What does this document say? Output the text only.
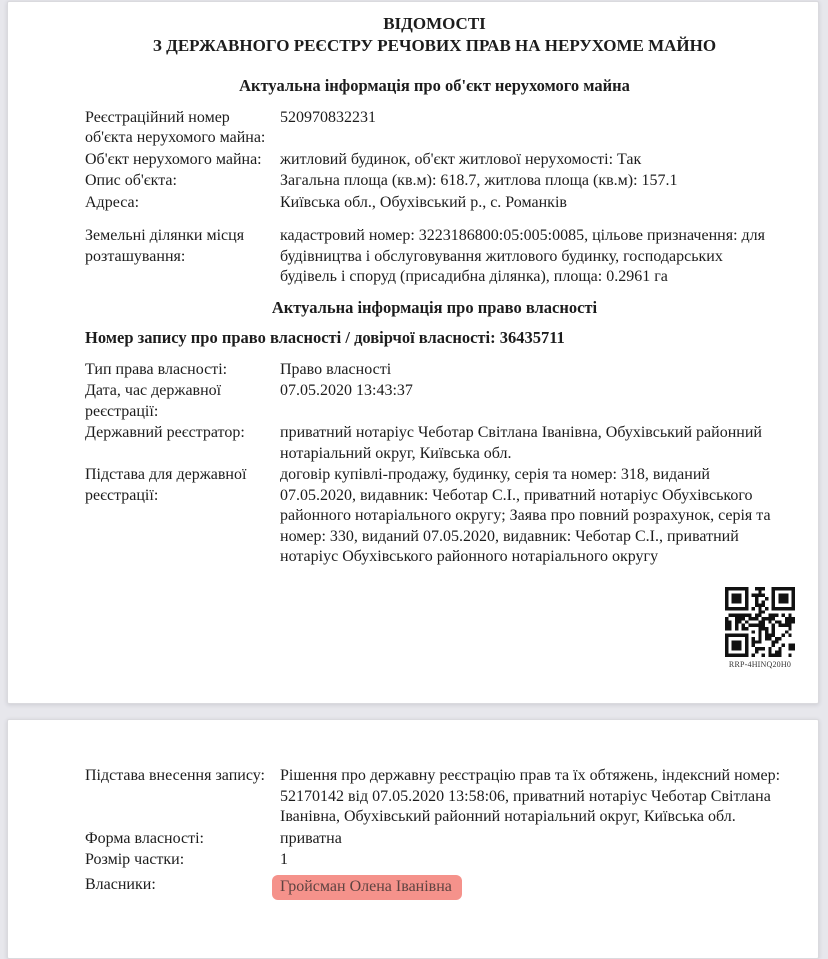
ВІДОМОСТІ
З ДЕРЖАВНОГО РЕЄСТРУ РЕЧОВИХ ПРАВ НА НЕРУХОМЕ МАЙНО
Актуальна інформація про об'єкт нерухомого майна
Реєстраційний номер об'єкта нерухомого майна:
520970832231
Об'єкт нерухомого майна:	житловий будинок, об'єкт житлової нерухомості: Так
Опис об'єкта:	Загальна площа (кв.м): 618.7, житлова площа (кв.м): 157.1
Адреса:	Київська обл., Обухівський р., с. Романків
Земельні ділянки місця розташування:
кадастровий номер: 3223186800:05:005:0085, цільове призначення: для будівництва і обслуговування житлового будинку, господарських будівель і споруд (присадибна ділянка), площа: 0.2961 га
Актуальна інформація про право власності
Номер запису про право власності / довірчої власності: 36435711
Тип права власності:	Право власності
Дата, час державної реєстрації:
07.05.2020 13:43:37
Державний реєстратор:	приватний нотаріус Чеботар Світлана Іванівна, Обухівський районний нотаріальний округ, Київська обл.
Підстава для державної реєстрації:
договір купівлі-продажу, будинку, серія та номер: 318, виданий 07.05.2020, видавник: Чеботар С.І., приватний нотаріус Обухівського районного нотаріального округу; Заява про повний розрахунок, серія та номер: 330, виданий 07.05.2020, видавник: Чеботар С.І., приватний нотаріус Обухівського районного нотаріального округу
RRP-4HINQ20H0
Підстава внесення запису: Рішення про державну реєстрацію прав та їх обтяжень, індексний номер: 52170142 від 07.05.2020 13:58:06, приватний нотаріус Чеботар Світлана Іванівна, Обухівський районний нотаріальний округ, Київська обл.
Форма власності:	приватна
Розмір частки:	1
Власники:	Гройсман Олена Іванівна
